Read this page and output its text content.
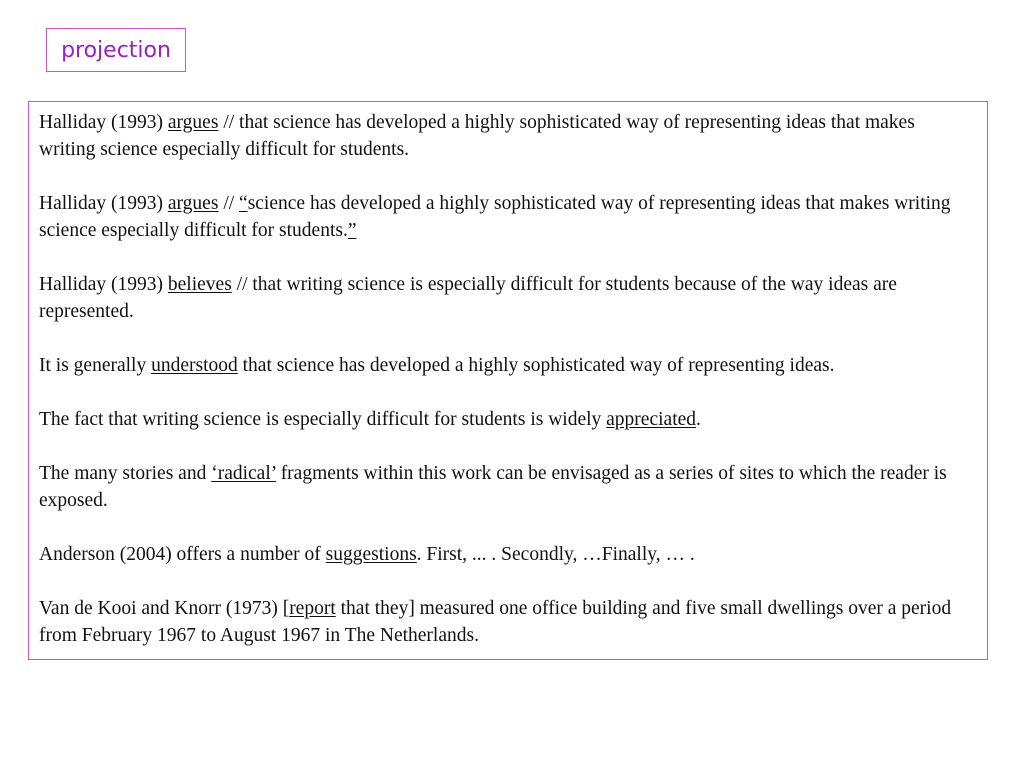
projection

Halliday (1993) argues // that science has developed a highly sophisticated way of representing ideas that makes writing science especially difficult for students.

Halliday (1993) argues // “science has developed a highly sophisticated way of representing ideas that makes writing science especially difficult for students.”

Halliday (1993) believes // that writing science is especially difficult for students because of the way ideas are represented.

It is generally understood that science has developed a highly sophisticated way of representing ideas.

The fact that writing science is especially difficult for students is widely appreciated.

The many stories and ‘radical’ fragments within this work can be envisaged as a series of sites to which the reader is exposed.

Anderson (2004) offers a number of suggestions. First, ... . Secondly, …Finally, … .

Van de Kooi and Knorr (1973) [report that they] measured one office building and five small dwellings over a period from February 1967 to August 1967 in The Netherlands.
